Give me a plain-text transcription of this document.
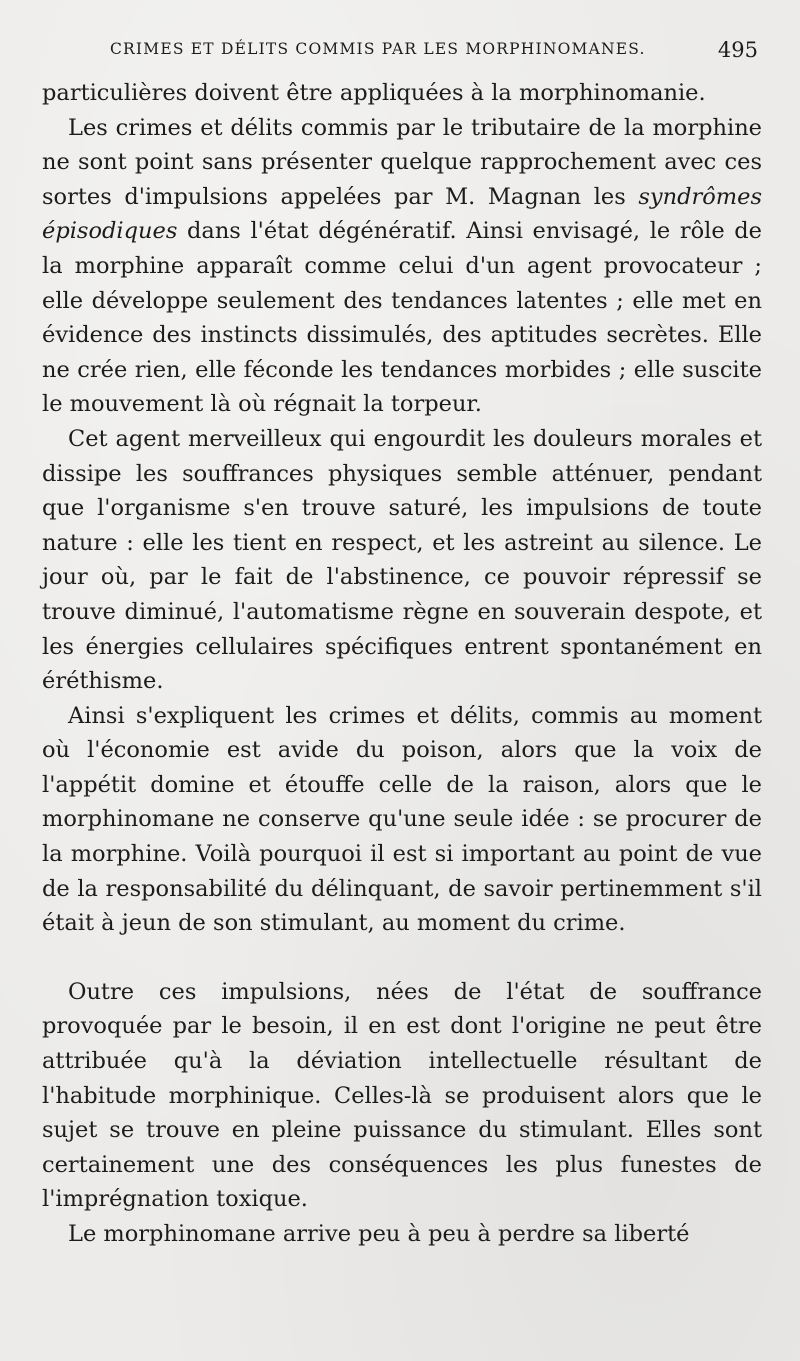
CRIMES ET DÉLITS COMMIS PAR LES MORPHINOMANES.	495

particulières doivent être appliquées à la morphinomanie.

Les crimes et délits commis par le tributaire de la morphine ne sont point sans présenter quelque rapprochement avec ces sortes d'impulsions appelées par M. Magnan les syndrômes épisodiques dans l'état dégénératif. Ainsi envisagé, le rôle de la morphine apparaît comme celui d'un agent provocateur ; elle développe seulement des tendances latentes ; elle met en évidence des instincts dissimulés, des aptitudes secrètes. Elle ne crée rien, elle féconde les tendances morbides ; elle suscite le mouvement là où régnait la torpeur.

Cet agent merveilleux qui engourdit les douleurs morales et dissipe les souffrances physiques semble atténuer, pendant que l'organisme s'en trouve saturé, les impulsions de toute nature : elle les tient en respect, et les astreint au silence. Le jour où, par le fait de l'abstinence, ce pouvoir répressif se trouve diminué, l'automatisme règne en souverain despote, et les énergies cellulaires spécifiques entrent spontanément en éréthisme.

Ainsi s'expliquent les crimes et délits, commis au moment où l'économie est avide du poison, alors que la voix de l'appétit domine et étouffe celle de la raison, alors que le morphinomane ne conserve qu'une seule idée : se procurer de la morphine. Voilà pourquoi il est si important au point de vue de la responsabilité du délinquant, de savoir pertinemment s'il était à jeun de son stimulant, au moment du crime.

Outre ces impulsions, nées de l'état de souffrance provoquée par le besoin, il en est dont l'origine ne peut être attribuée qu'à la déviation intellectuelle résultant de l'habitude morphinique. Celles-là se produisent alors que le sujet se trouve en pleine puissance du stimulant. Elles sont certainement une des conséquences les plus funestes de l'imprégnation toxique.

Le morphinomane arrive peu à peu à perdre sa liberté
